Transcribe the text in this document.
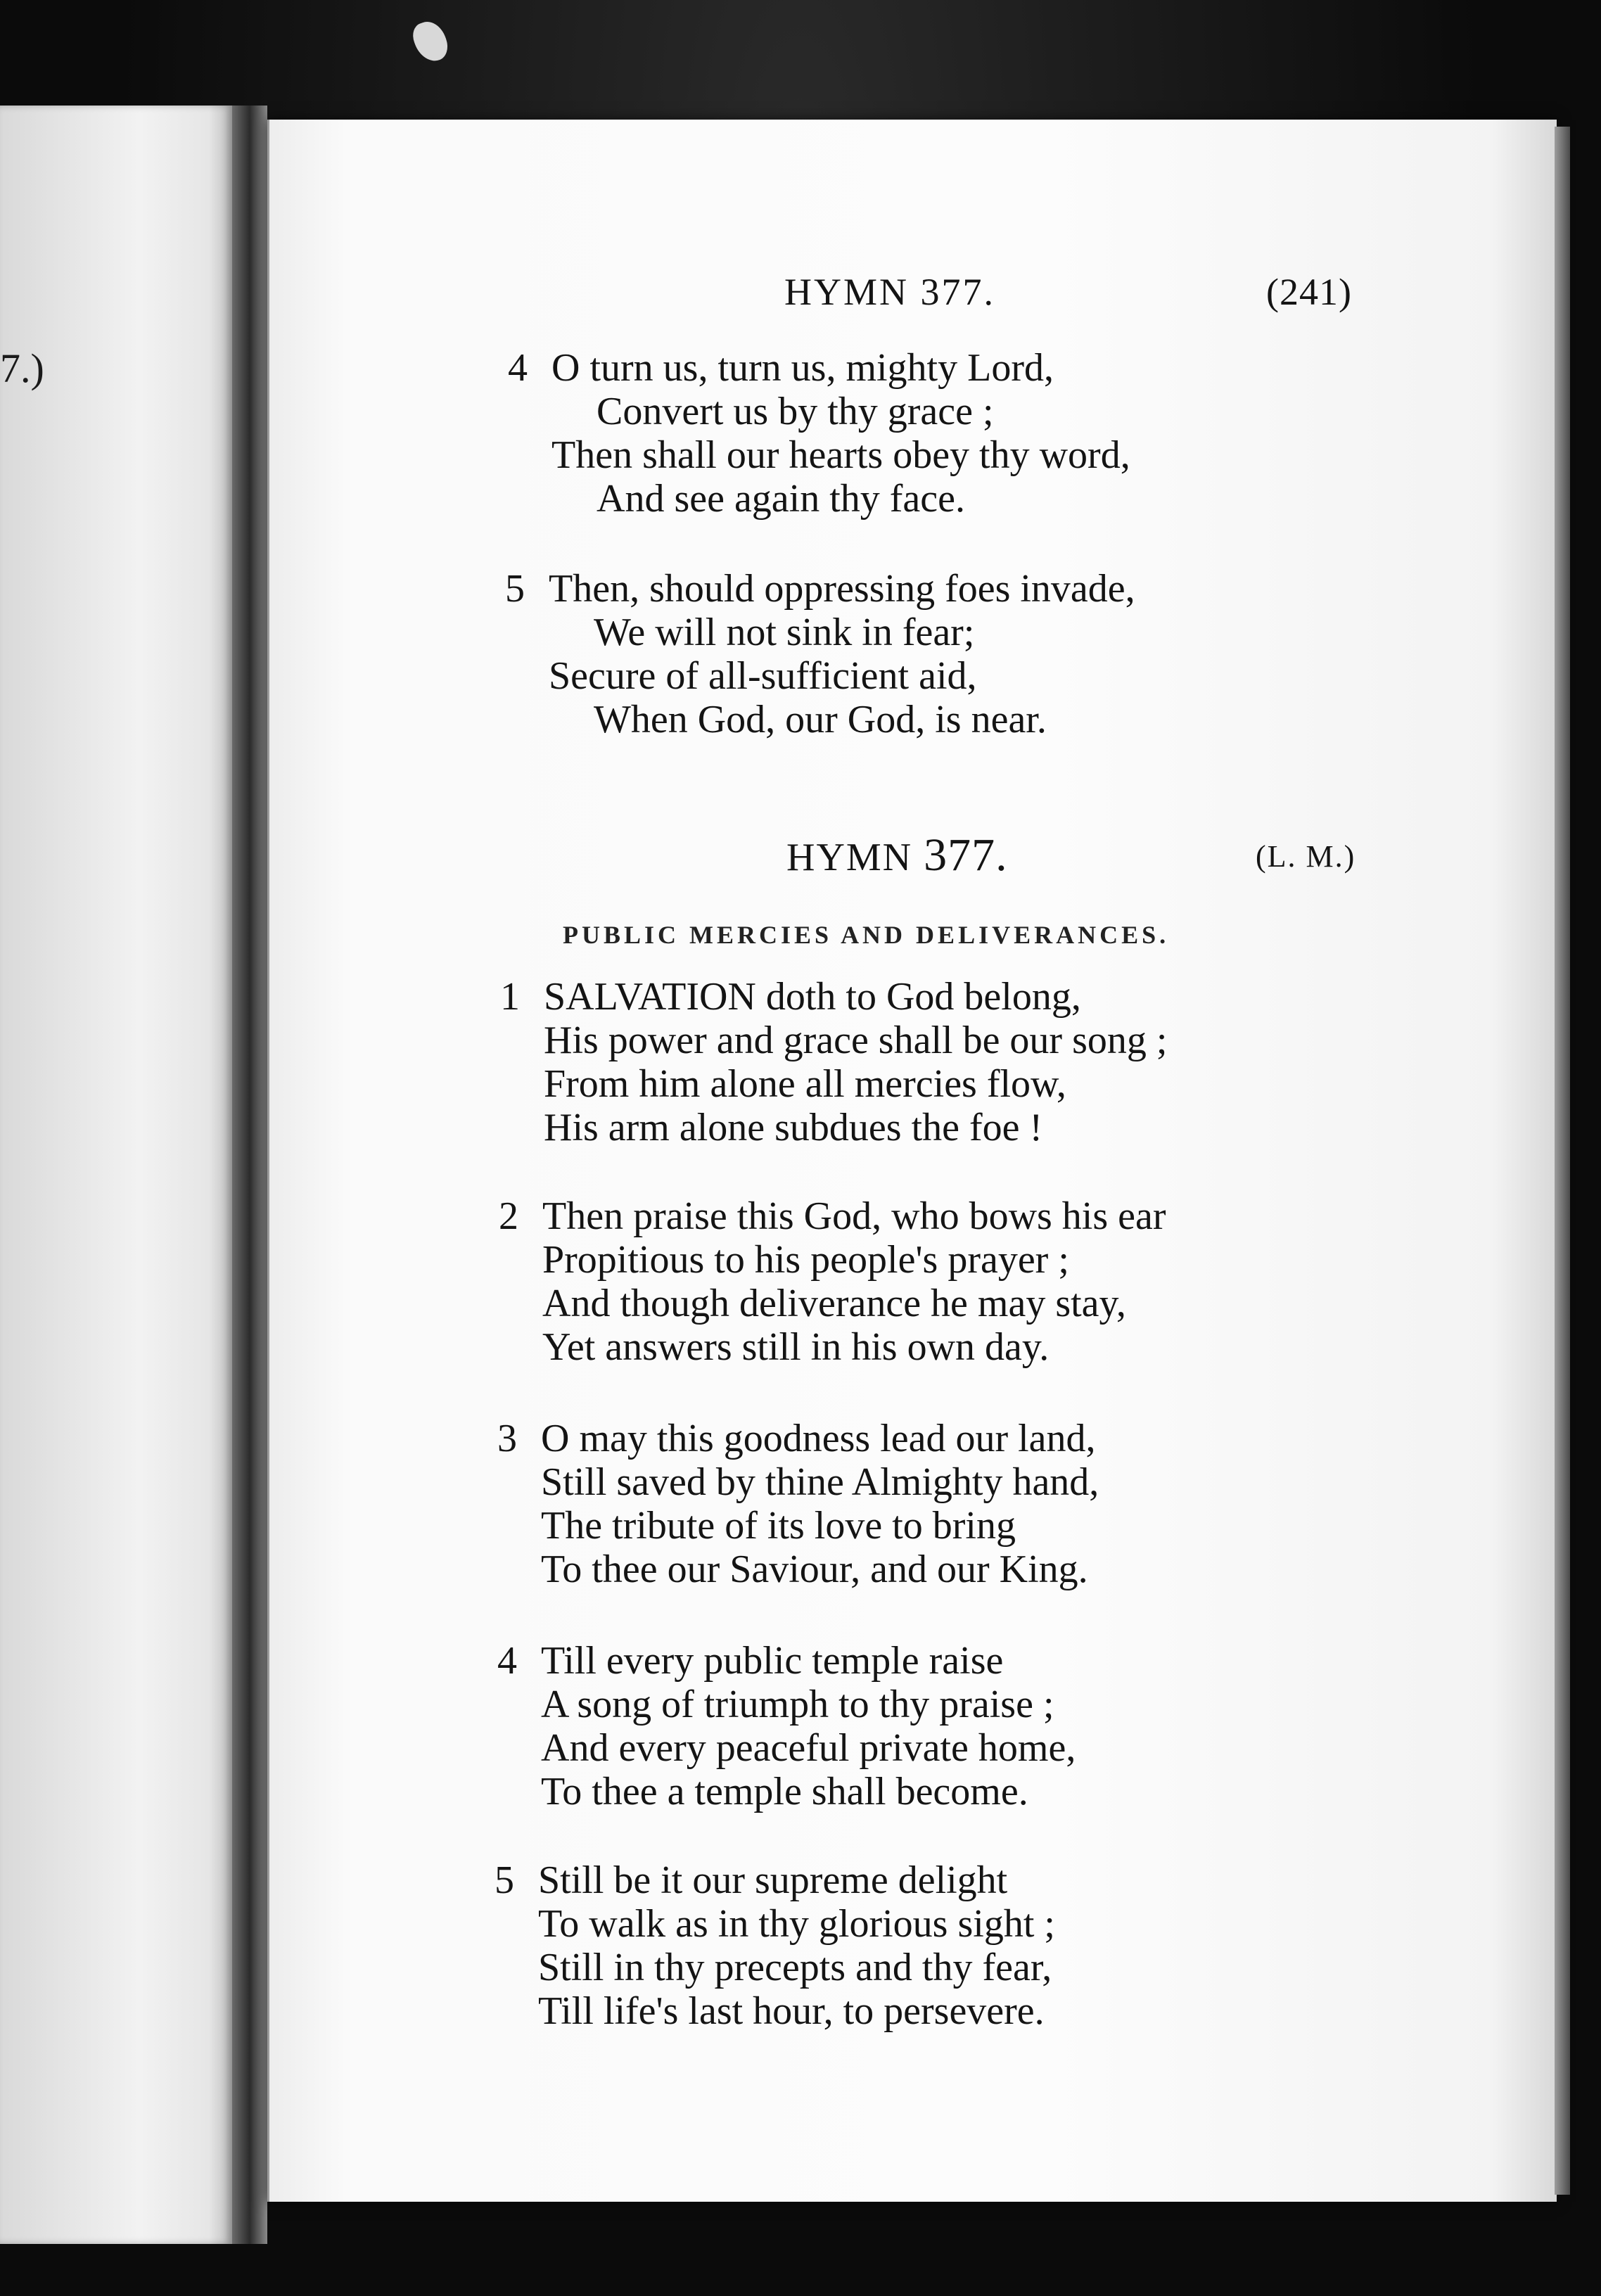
7.)
HYMN 377.	(241)
4 O turn us, turn us, mighty Lord,
Convert us by thy grace ;
Then shall our hearts obey thy word,
And see again thy face.
5 Then, should oppressing foes invade,
We will not sink in fear;
Secure of all-sufficient aid,
When God, our God, is near.
HYMN 377.	(L. M.)
PUBLIC MERCIES AND DELIVERANCES.
1 SALVATION doth to God belong,
His power and grace shall be our song ;
From him alone all mercies flow,
His arm alone subdues the foe !
2 Then praise this God, who bows his ear
Propitious to his people's prayer ;
And though deliverance he may stay,
Yet answers still in his own day.
3 O may this goodness lead our land,
Still saved by thine Almighty hand,
The tribute of its love to bring
To thee our Saviour, and our King.
4 Till every public temple raise
A song of triumph to thy praise ;
And every peaceful private home,
To thee a temple shall become.
5 Still be it our supreme delight
To walk as in thy glorious sight ;
Still in thy precepts and thy fear,
Till life's last hour, to persevere.
